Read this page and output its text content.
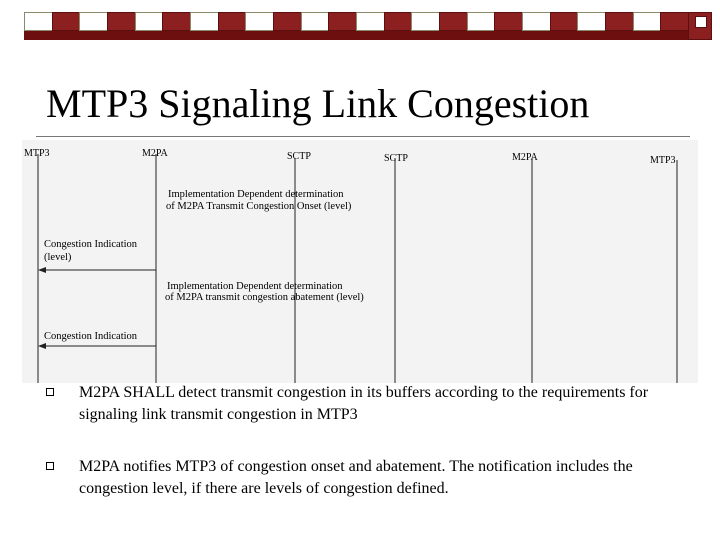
MTP3 Signaling Link Congestion
MTP3	M2PA	SCTP	SCTP	M2PA	MTP3
Implementation Dependent determination
of M2PA Transmit Congestion Onset (level)
Congestion Indication
(level)
Implementation Dependent determination
of M2PA transmit congestion abatement (level)
Congestion Indication
M2PA SHALL detect transmit congestion in its buffers according to the requirements for signaling link transmit congestion in MTP3
M2PA notifies MTP3 of congestion onset and abatement. The notification includes the congestion level, if there are levels of congestion defined.
